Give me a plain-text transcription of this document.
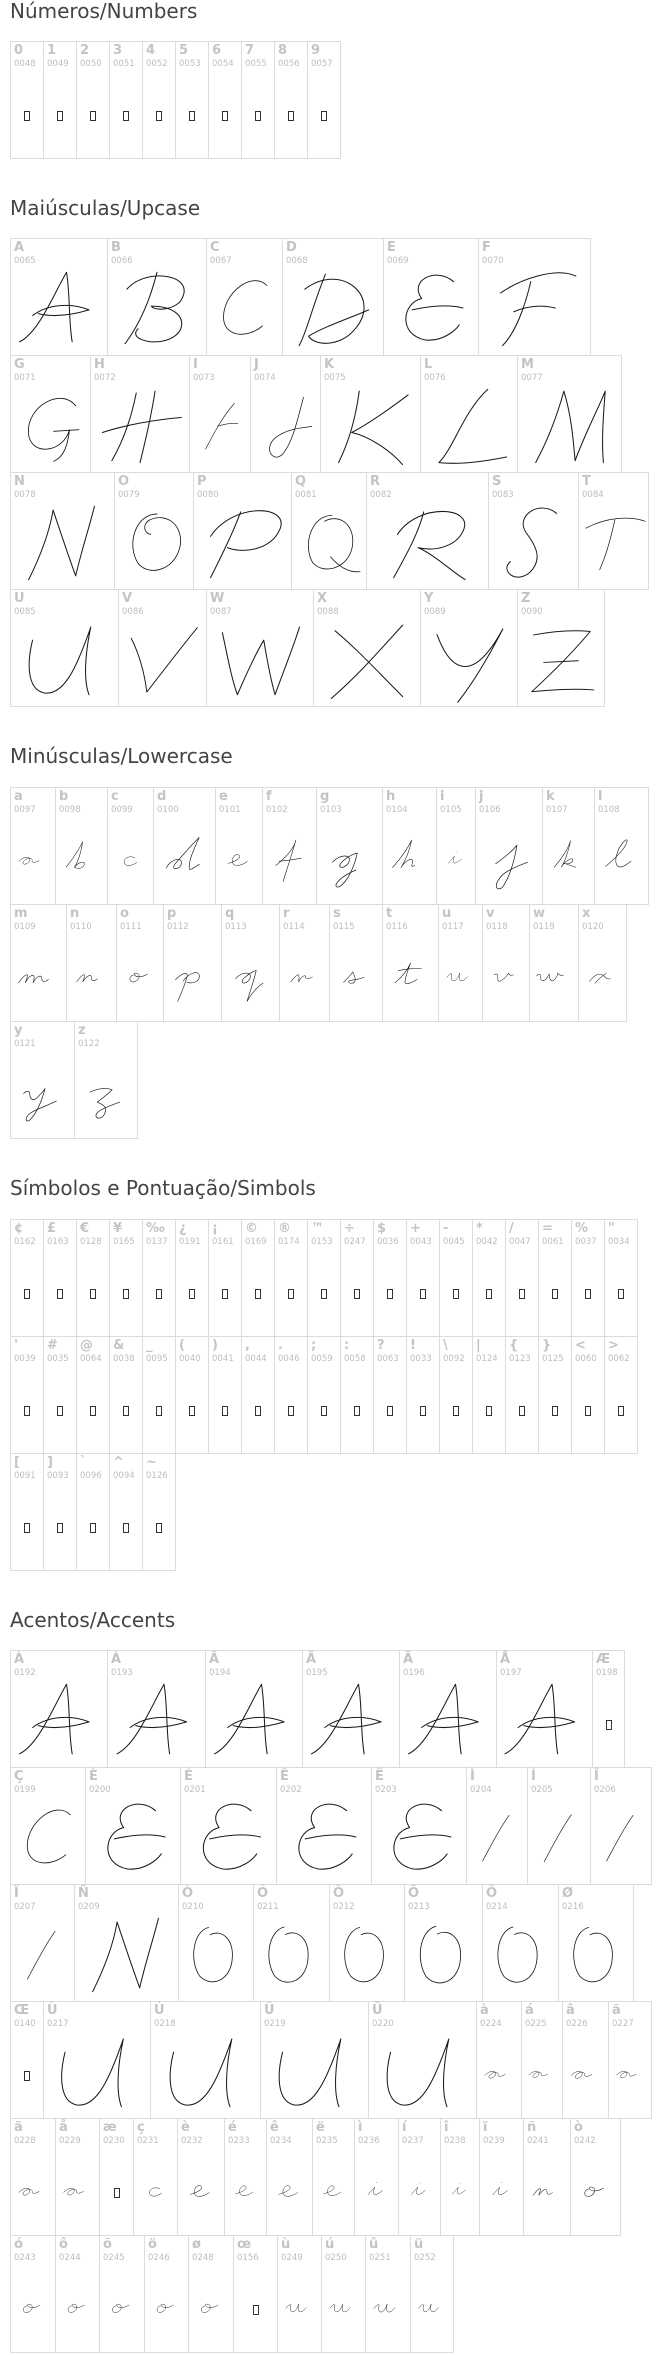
Números/Numbers
Maiúsculas/Upcase
Minúsculas/Lowercase
Símbolos e Pontuação/Simbols
Acentos/Accents
0
0048
1
0049
2
0050
3
0051
4
0052
5
0053
6
0054
7
0055
8
0056
9
0057
A
0065
B
0066
C
0067
D
0068
E
0069
F
0070
G
0071
H
0072
I
0073
J
0074
K
0075
L
0076
M
0077
N
0078
O
0079
P
0080
Q
0081
R
0082
S
0083
T
0084
U
0085
V
0086
W
0087
X
0088
Y
0089
Z
0090
a
0097
b
0098
c
0099
d
0100
e
0101
f
0102
g
0103
h
0104
i
0105
j
0106
k
0107
l
0108
m
0109
n
0110
o
0111
p
0112
q
0113
r
0114
s
0115
t
0116
u
0117
v
0118
w
0119
x
0120
y
0121
z
0122
¢
0162
£
0163
€
0128
¥
0165
‰
0137
¿
0191
¡
0161
©
0169
®
0174
™
0153
÷
0247
$
0036
+
0043
-
0045
*
0042
/
0047
=
0061
%
0037
"
0034
'
0039
#
0035
@
0064
&
0038
_
0095
(
0040
)
0041
,
0044
.
0046
;
0059
:
0058
?
0063
!
0033
\
0092
|
0124
{
0123
}
0125
<
0060
>
0062
[
0091
]
0093
`
0096
^
0094
~
0126
À
0192
Á
0193
Â
0194
Ã
0195
Ä
0196
Å
0197
Æ
0198
Ç
0199
È
0200
É
0201
Ê
0202
Ë
0203
Ì
0204
Í
0205
Î
0206
Ï
0207
Ñ
0209
Ò
0210
Ó
0211
Ô
0212
Õ
0213
Ö
0214
Ø
0216
Œ
0140
Ù
0217
Ú
0218
Û
0219
Ü
0220
à
0224
á
0225
â
0226
ã
0227
ä
0228
å
0229
æ
0230
ç
0231
è
0232
é
0233
ê
0234
ë
0235
ì
0236
í
0237
î
0238
ï
0239
ñ
0241
ò
0242
ó
0243
ô
0244
õ
0245
ö
0246
ø
0248
œ
0156
ù
0249
ú
0250
û
0251
ü
0252
